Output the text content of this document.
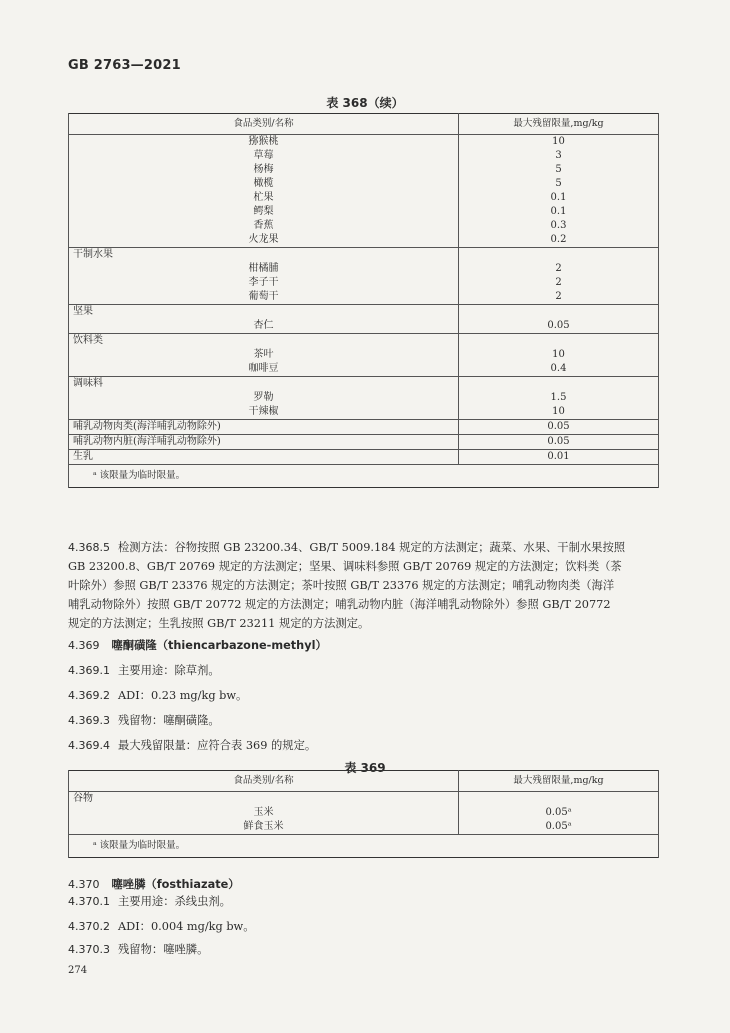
GB 2763—2021
表 368（续）
食品类别/名称	最大残留限量,mg/kg
猕猴桃	10
草莓	3
杨梅	5
橄榄	5
杧果	0.1
鳄梨	0.1
香蕉	0.3
火龙果	0.2
干制水果	
柑橘脯	2
李子干	2
葡萄干	2
坚果	
杏仁	0.05
饮料类	
茶叶	10
咖啡豆	0.4
调味料	
罗勒	1.5
干辣椒	10
哺乳动物肉类(海洋哺乳动物除外)	0.05
哺乳动物内脏(海洋哺乳动物除外)	0.05
生乳	0.01
ᵃ 该限量为临时限量。	
4.368.5 检测方法：谷物按照 GB 23200.34、GB/T 5009.184 规定的方法测定；蔬菜、水果、干制水果按照
GB 23200.8、GB/T 20769 规定的方法测定；坚果、调味料参照 GB/T 20769 规定的方法测定；饮料类（茶
叶除外）参照 GB/T 23376 规定的方法测定；茶叶按照 GB/T 23376 规定的方法测定；哺乳动物肉类（海洋
哺乳动物除外）按照 GB/T 20772 规定的方法测定；哺乳动物内脏（海洋哺乳动物除外）参照 GB/T 20772
规定的方法测定；生乳按照 GB/T 23211 规定的方法测定。
4.369 噻酮磺隆（thiencarbazone-methyl）
4.369.1 主要用途：除草剂。
4.369.2 ADI：0.23 mg/kg bw。
4.369.3 残留物：噻酮磺隆。
4.369.4 最大残留限量：应符合表 369 的规定。
表 369
食品类别/名称	最大残留限量,mg/kg
谷物	
玉米	0.05ᵃ
鲜食玉米	0.05ᵃ
ᵃ 该限量为临时限量。	
4.370 噻唑膦（fosthiazate）
4.370.1 主要用途：杀线虫剂。
4.370.2 ADI：0.004 mg/kg bw。
4.370.3 残留物：噻唑膦。
274
